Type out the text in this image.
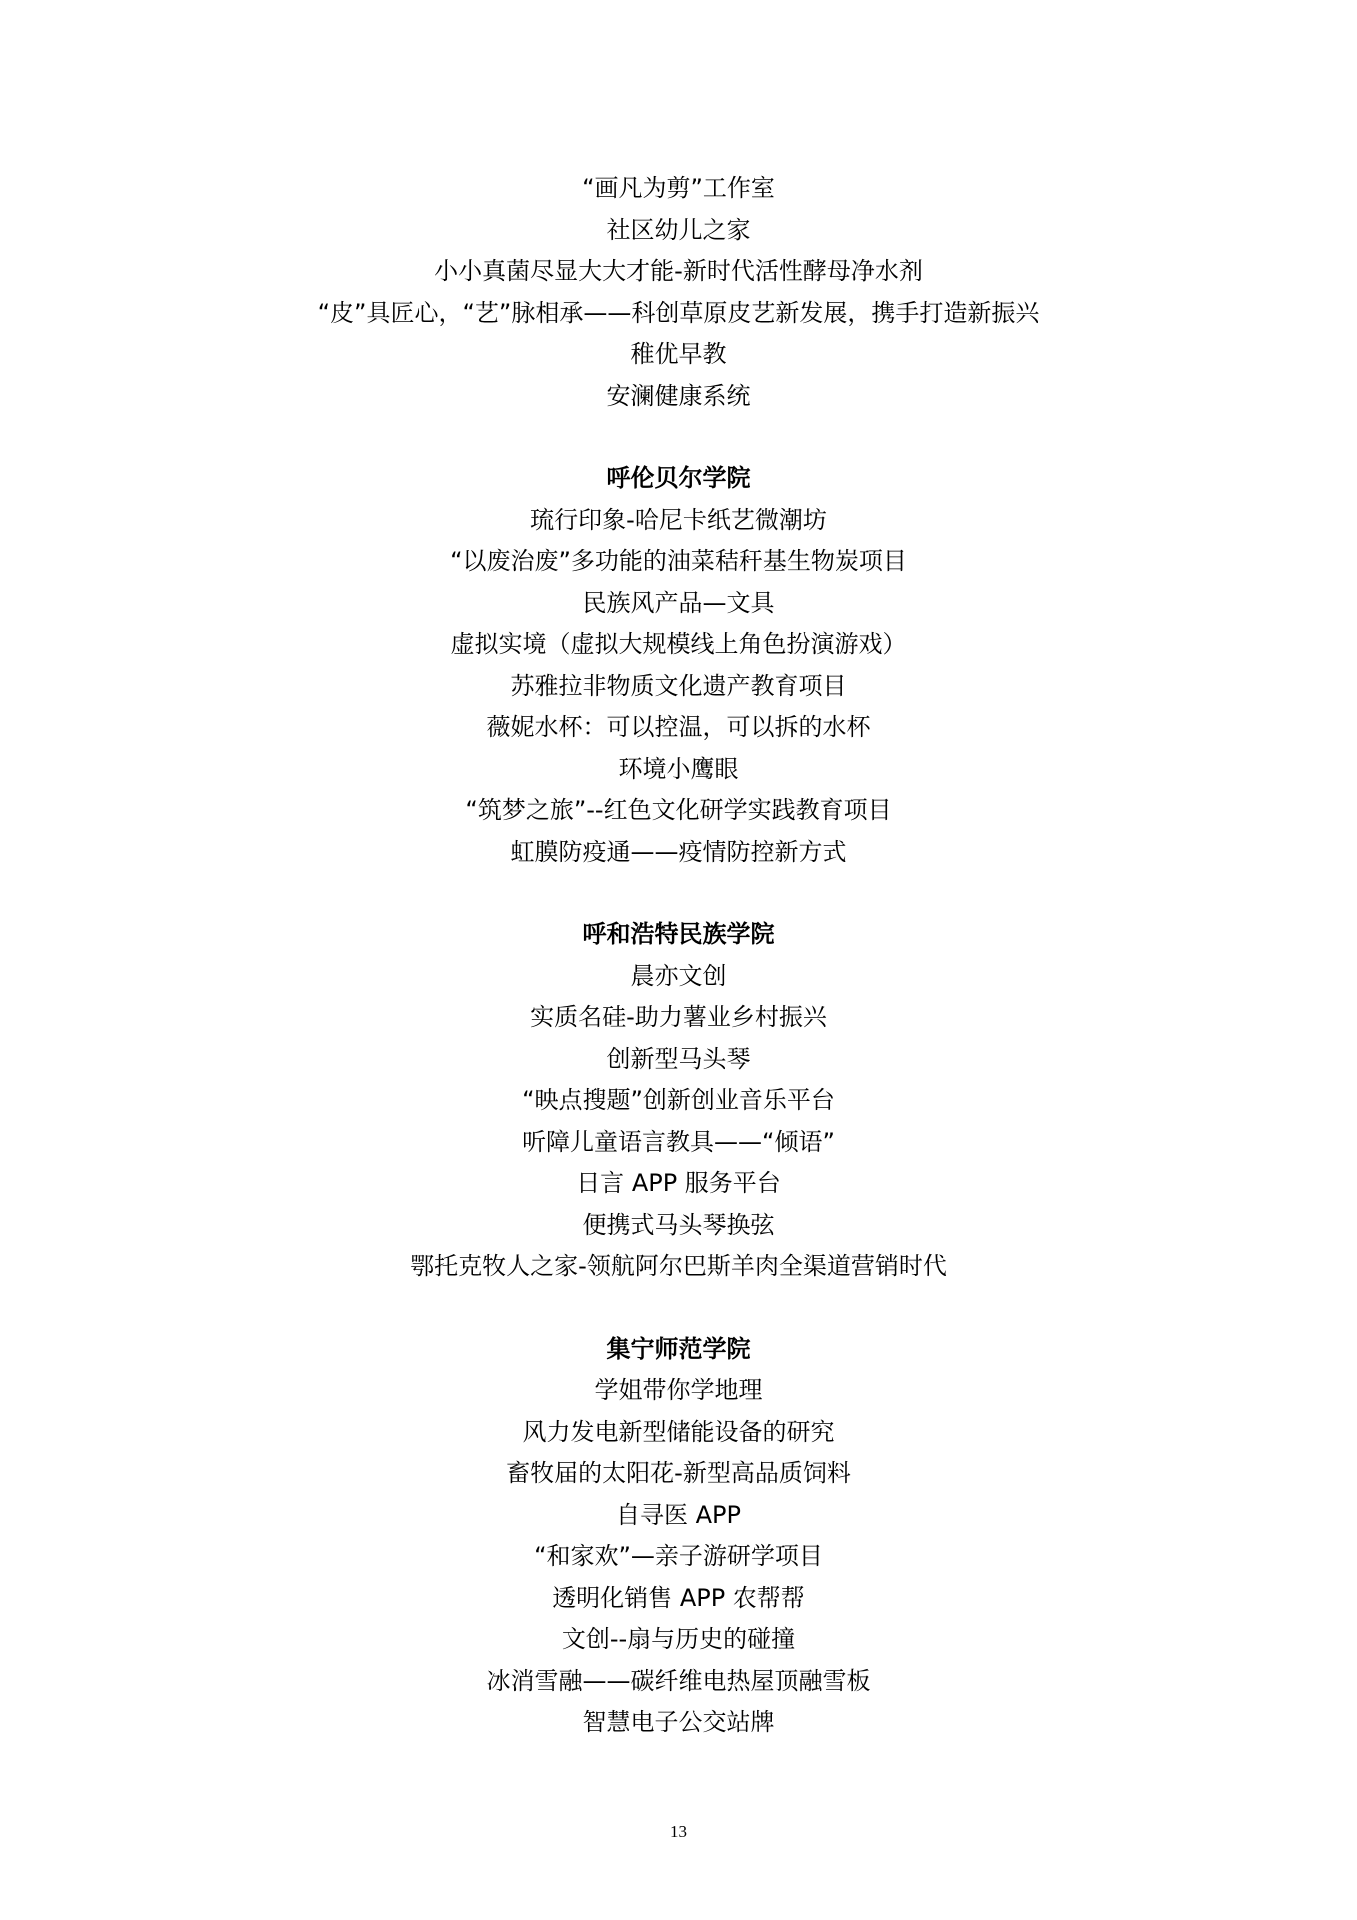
“画凡为剪”工作室
社区幼儿之家
小小真菌尽显大大才能-新时代活性酵母净水剂
“皮”具匠心，“艺”脉相承——科创草原皮艺新发展，携手打造新振兴
稚优早教
安澜健康系统
呼伦贝尔学院
琉行印象-哈尼卡纸艺微潮坊
“以废治废”多功能的油菜秸秆基生物炭项目
民族风产品—文具
虚拟实境（虚拟大规模线上角色扮演游戏）
苏雅拉非物质文化遗产教育项目
薇妮水杯：可以控温，可以拆的水杯
环境小鹰眼
“筑梦之旅”--红色文化研学实践教育项目
虹膜防疫通——疫情防控新方式
呼和浩特民族学院
晨亦文创
实质名硅-助力薯业乡村振兴
创新型马头琴
“映点搜题”创新创业音乐平台
听障儿童语言教具——“倾语”
日言 APP 服务平台
便携式马头琴换弦
鄂托克牧人之家-领航阿尔巴斯羊肉全渠道营销时代
集宁师范学院
学姐带你学地理
风力发电新型储能设备的研究
畜牧届的太阳花-新型高品质饲料
自寻医 APP
“和家欢”—亲子游研学项目
透明化销售 APP 农帮帮
文创--扇与历史的碰撞
冰消雪融——碳纤维电热屋顶融雪板
智慧电子公交站牌
13
